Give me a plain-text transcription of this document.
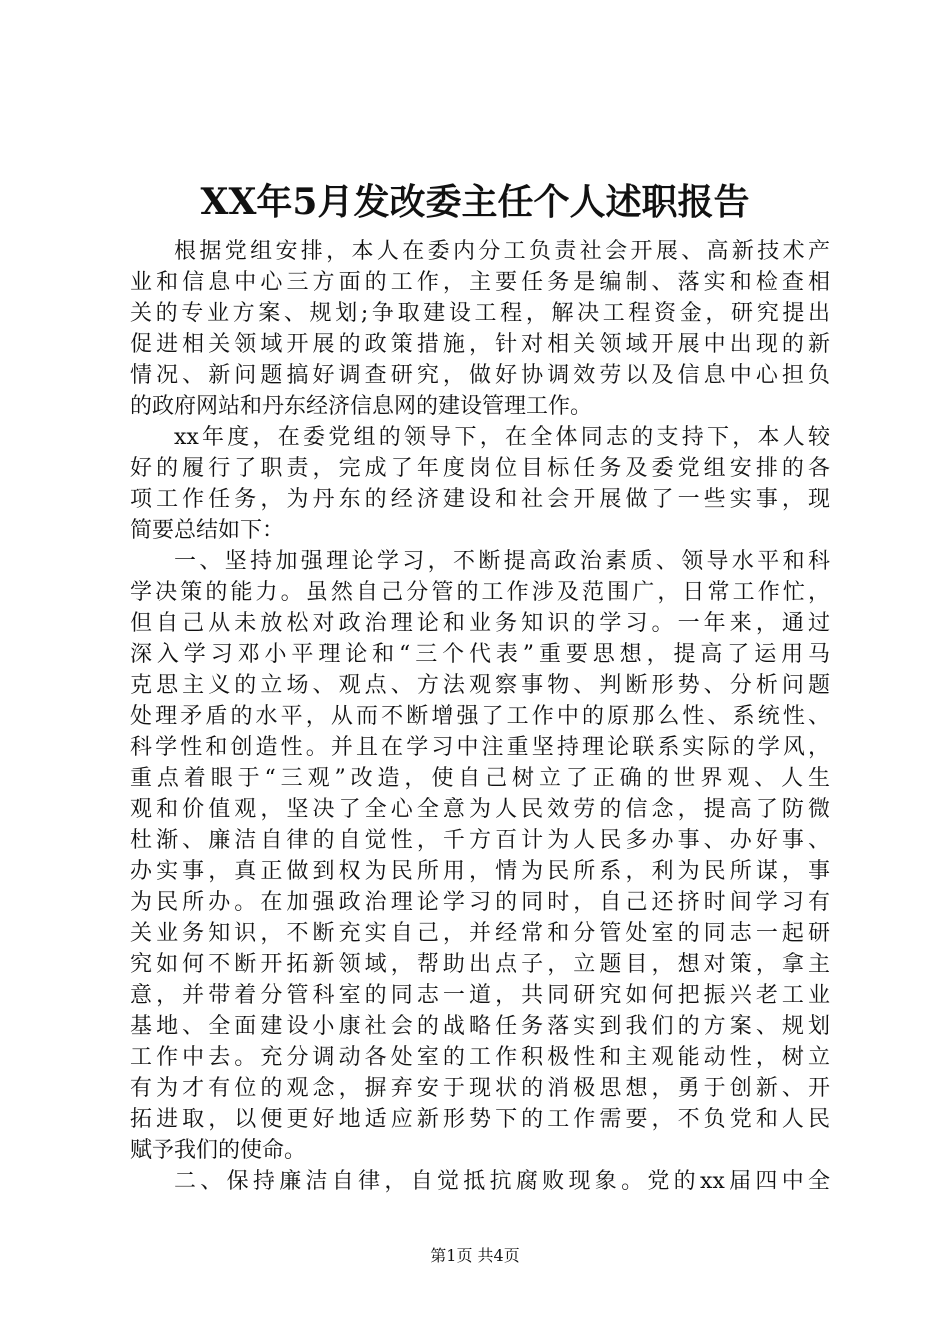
XX年5月发改委主任个人述职报告
根据党组安排，本人在委内分工负责社会开展、高新技术产
业和信息中心三方面的工作，主要任务是编制、落实和检查相
关的专业方案、规划;争取建设工程，解决工程资金，研究提出
促进相关领域开展的政策措施，针对相关领域开展中出现的新
情况、新问题搞好调查研究，做好协调效劳以及信息中心担负
的政府网站和丹东经济信息网的建设管理工作。
xx年度，在委党组的领导下，在全体同志的支持下，本人较
好的履行了职责，完成了年度岗位目标任务及委党组安排的各
项工作任务，为丹东的经济建设和社会开展做了一些实事，现
简要总结如下：
一、坚持加强理论学习，不断提高政治素质、领导水平和科
学决策的能力。虽然自己分管的工作涉及范围广，日常工作忙，
但自己从未放松对政治理论和业务知识的学习。一年来，通过
深入学习邓小平理论和“三个代表”重要思想，提高了运用马
克思主义的立场、观点、方法观察事物、判断形势、分析问题
处理矛盾的水平，从而不断增强了工作中的原那么性、系统性、
科学性和创造性。并且在学习中注重坚持理论联系实际的学风，
重点着眼于“三观”改造，使自己树立了正确的世界观、人生
观和价值观，坚决了全心全意为人民效劳的信念，提高了防微
杜渐、廉洁自律的自觉性，千方百计为人民多办事、办好事、
办实事，真正做到权为民所用，情为民所系，利为民所谋，事
为民所办。在加强政治理论学习的同时，自己还挤时间学习有
关业务知识，不断充实自己，并经常和分管处室的同志一起研
究如何不断开拓新领域，帮助出点子，立题目，想对策，拿主
意，并带着分管科室的同志一道，共同研究如何把振兴老工业
基地、全面建设小康社会的战略任务落实到我们的方案、规划
工作中去。充分调动各处室的工作积极性和主观能动性，树立
有为才有位的观念，摒弃安于现状的消极思想，勇于创新、开
拓进取，以便更好地适应新形势下的工作需要，不负党和人民
赋予我们的使命。
二、保持廉洁自律，自觉抵抗腐败现象。党的xx届四中全
第1页 共4页
